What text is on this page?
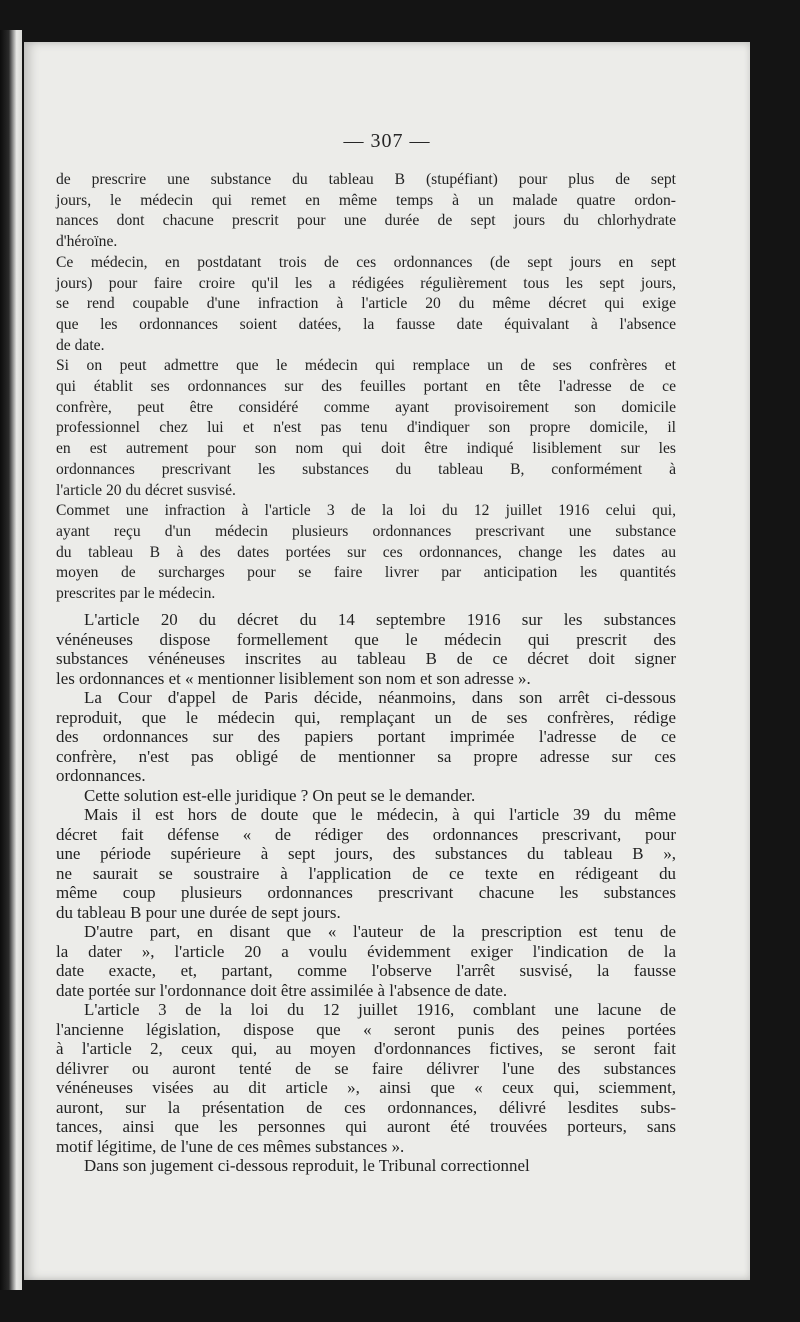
— 307 —
de prescrire une substance du tableau B (stupéfiant) pour plus de sept
jours, le médecin qui remet en même temps à un malade quatre ordon-
nances dont chacune prescrit pour une durée de sept jours du chlorhydrate
d'héroïne.
Ce médecin, en postdatant trois de ces ordonnances (de sept jours en sept
jours) pour faire croire qu'il les a rédigées régulièrement tous les sept jours,
se rend coupable d'une infraction à l'article 20 du même décret qui exige
que les ordonnances soient datées, la fausse date équivalant à l'absence
de date.
Si on peut admettre que le médecin qui remplace un de ses confrères et
qui établit ses ordonnances sur des feuilles portant en tête l'adresse de ce
confrère, peut être considéré comme ayant provisoirement son domicile
professionnel chez lui et n'est pas tenu d'indiquer son propre domicile, il
en est autrement pour son nom qui doit être indiqué lisiblement sur les
ordonnances prescrivant les substances du tableau B, conformément à
l'article 20 du décret susvisé.
Commet une infraction à l'article 3 de la loi du 12 juillet 1916 celui qui,
ayant reçu d'un médecin plusieurs ordonnances prescrivant une substance
du tableau B à des dates portées sur ces ordonnances, change les dates au
moyen de surcharges pour se faire livrer par anticipation les quantités
prescrites par le médecin.
L'article 20 du décret du 14 septembre 1916 sur les substances
vénéneuses dispose formellement que le médecin qui prescrit des
substances vénéneuses inscrites au tableau B de ce décret doit signer
les ordonnances et « mentionner lisiblement son nom et son adresse ».
La Cour d'appel de Paris décide, néanmoins, dans son arrêt ci-dessous
reproduit, que le médecin qui, remplaçant un de ses confrères, rédige
des ordonnances sur des papiers portant imprimée l'adresse de ce
confrère, n'est pas obligé de mentionner sa propre adresse sur ces
ordonnances.
Cette solution est-elle juridique ? On peut se le demander.
Mais il est hors de doute que le médecin, à qui l'article 39 du même
décret fait défense « de rédiger des ordonnances prescrivant, pour
une période supérieure à sept jours, des substances du tableau B »,
ne saurait se soustraire à l'application de ce texte en rédigeant du
même coup plusieurs ordonnances prescrivant chacune les substances
du tableau B pour une durée de sept jours.
D'autre part, en disant que « l'auteur de la prescription est tenu de
la dater », l'article 20 a voulu évidemment exiger l'indication de la
date exacte, et, partant, comme l'observe l'arrêt susvisé, la fausse
date portée sur l'ordonnance doit être assimilée à l'absence de date.
L'article 3 de la loi du 12 juillet 1916, comblant une lacune de
l'ancienne législation, dispose que « seront punis des peines portées
à l'article 2, ceux qui, au moyen d'ordonnances fictives, se seront fait
délivrer ou auront tenté de se faire délivrer l'une des substances
vénéneuses visées au dit article », ainsi que « ceux qui, sciemment,
auront, sur la présentation de ces ordonnances, délivré lesdites subs-
tances, ainsi que les personnes qui auront été trouvées porteurs, sans
motif légitime, de l'une de ces mêmes substances ».
Dans son jugement ci-dessous reproduit, le Tribunal correctionnel
